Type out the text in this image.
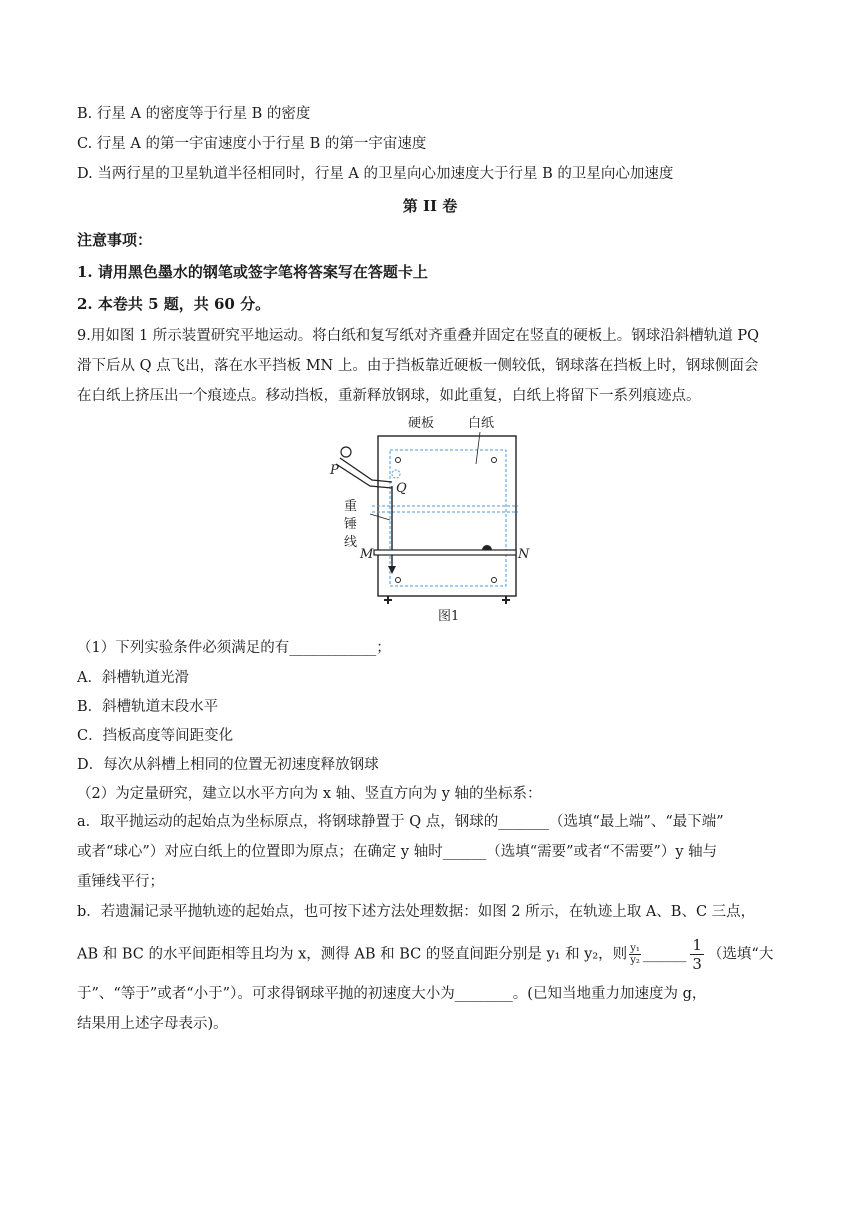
B. 行星 A 的密度等于行星 B 的密度
C. 行星 A 的第一宇宙速度小于行星 B 的第一宇宙速度
D. 当两行星的卫星轨道半径相同时，行星 A 的卫星向心加速度大于行星 B 的卫星向心加速度
第 II 卷
注意事项：
1. 请用黑色墨水的钢笔或签字笔将答案写在答题卡上
2. 本卷共 5 题，共 60 分。
9.用如图 1 所示装置研究平地运动。将白纸和复写纸对齐重叠并固定在竖直的硬板上。钢球沿斜槽轨道 PQ
滑下后从 Q 点飞出，落在水平挡板 MN 上。由于挡板靠近硬板一侧较低，钢球落在挡板上时，钢球侧面会
在白纸上挤压出一个痕迹点。移动挡板，重新释放钢球，如此重复，白纸上将留下一系列痕迹点。
硬板	白纸
P
Q
重
锤
线
M	N
图1
（1）下列实验条件必须满足的有____________；
A．斜槽轨道光滑
B．斜槽轨道末段水平
C．挡板高度等间距变化
D．每次从斜槽上相同的位置无初速度释放钢球
（2）为定量研究，建立以水平方向为 x 轴、竖直方向为 y 轴的坐标系：
a．取平抛运动的起始点为坐标原点，将钢球静置于 Q 点，钢球的_______（选填“最上端”、“最下端”
或者“球心”）对应白纸上的位置即为原点；在确定 y 轴时______（选填“需要”或者“不需要”）y 轴与
重锤线平行；
b．若遗漏记录平抛轨迹的起始点，也可按下述方法处理数据：如图 2 所示，在轨迹上取 A、B、C 三点，
AB 和 BC 的水平间距相等且均为 x，测得 AB 和 BC 的竖直间距分别是 y₁ 和 y₂，则 $\frac{\text{y₁}}{\text{y₂}}$ ______ $\frac{1}{3}$ （选填“大
于”、“等于”或者“小于”）。可求得钢球平抛的初速度大小为________。(已知当地重力加速度为 g，
结果用上述字母表示)。
